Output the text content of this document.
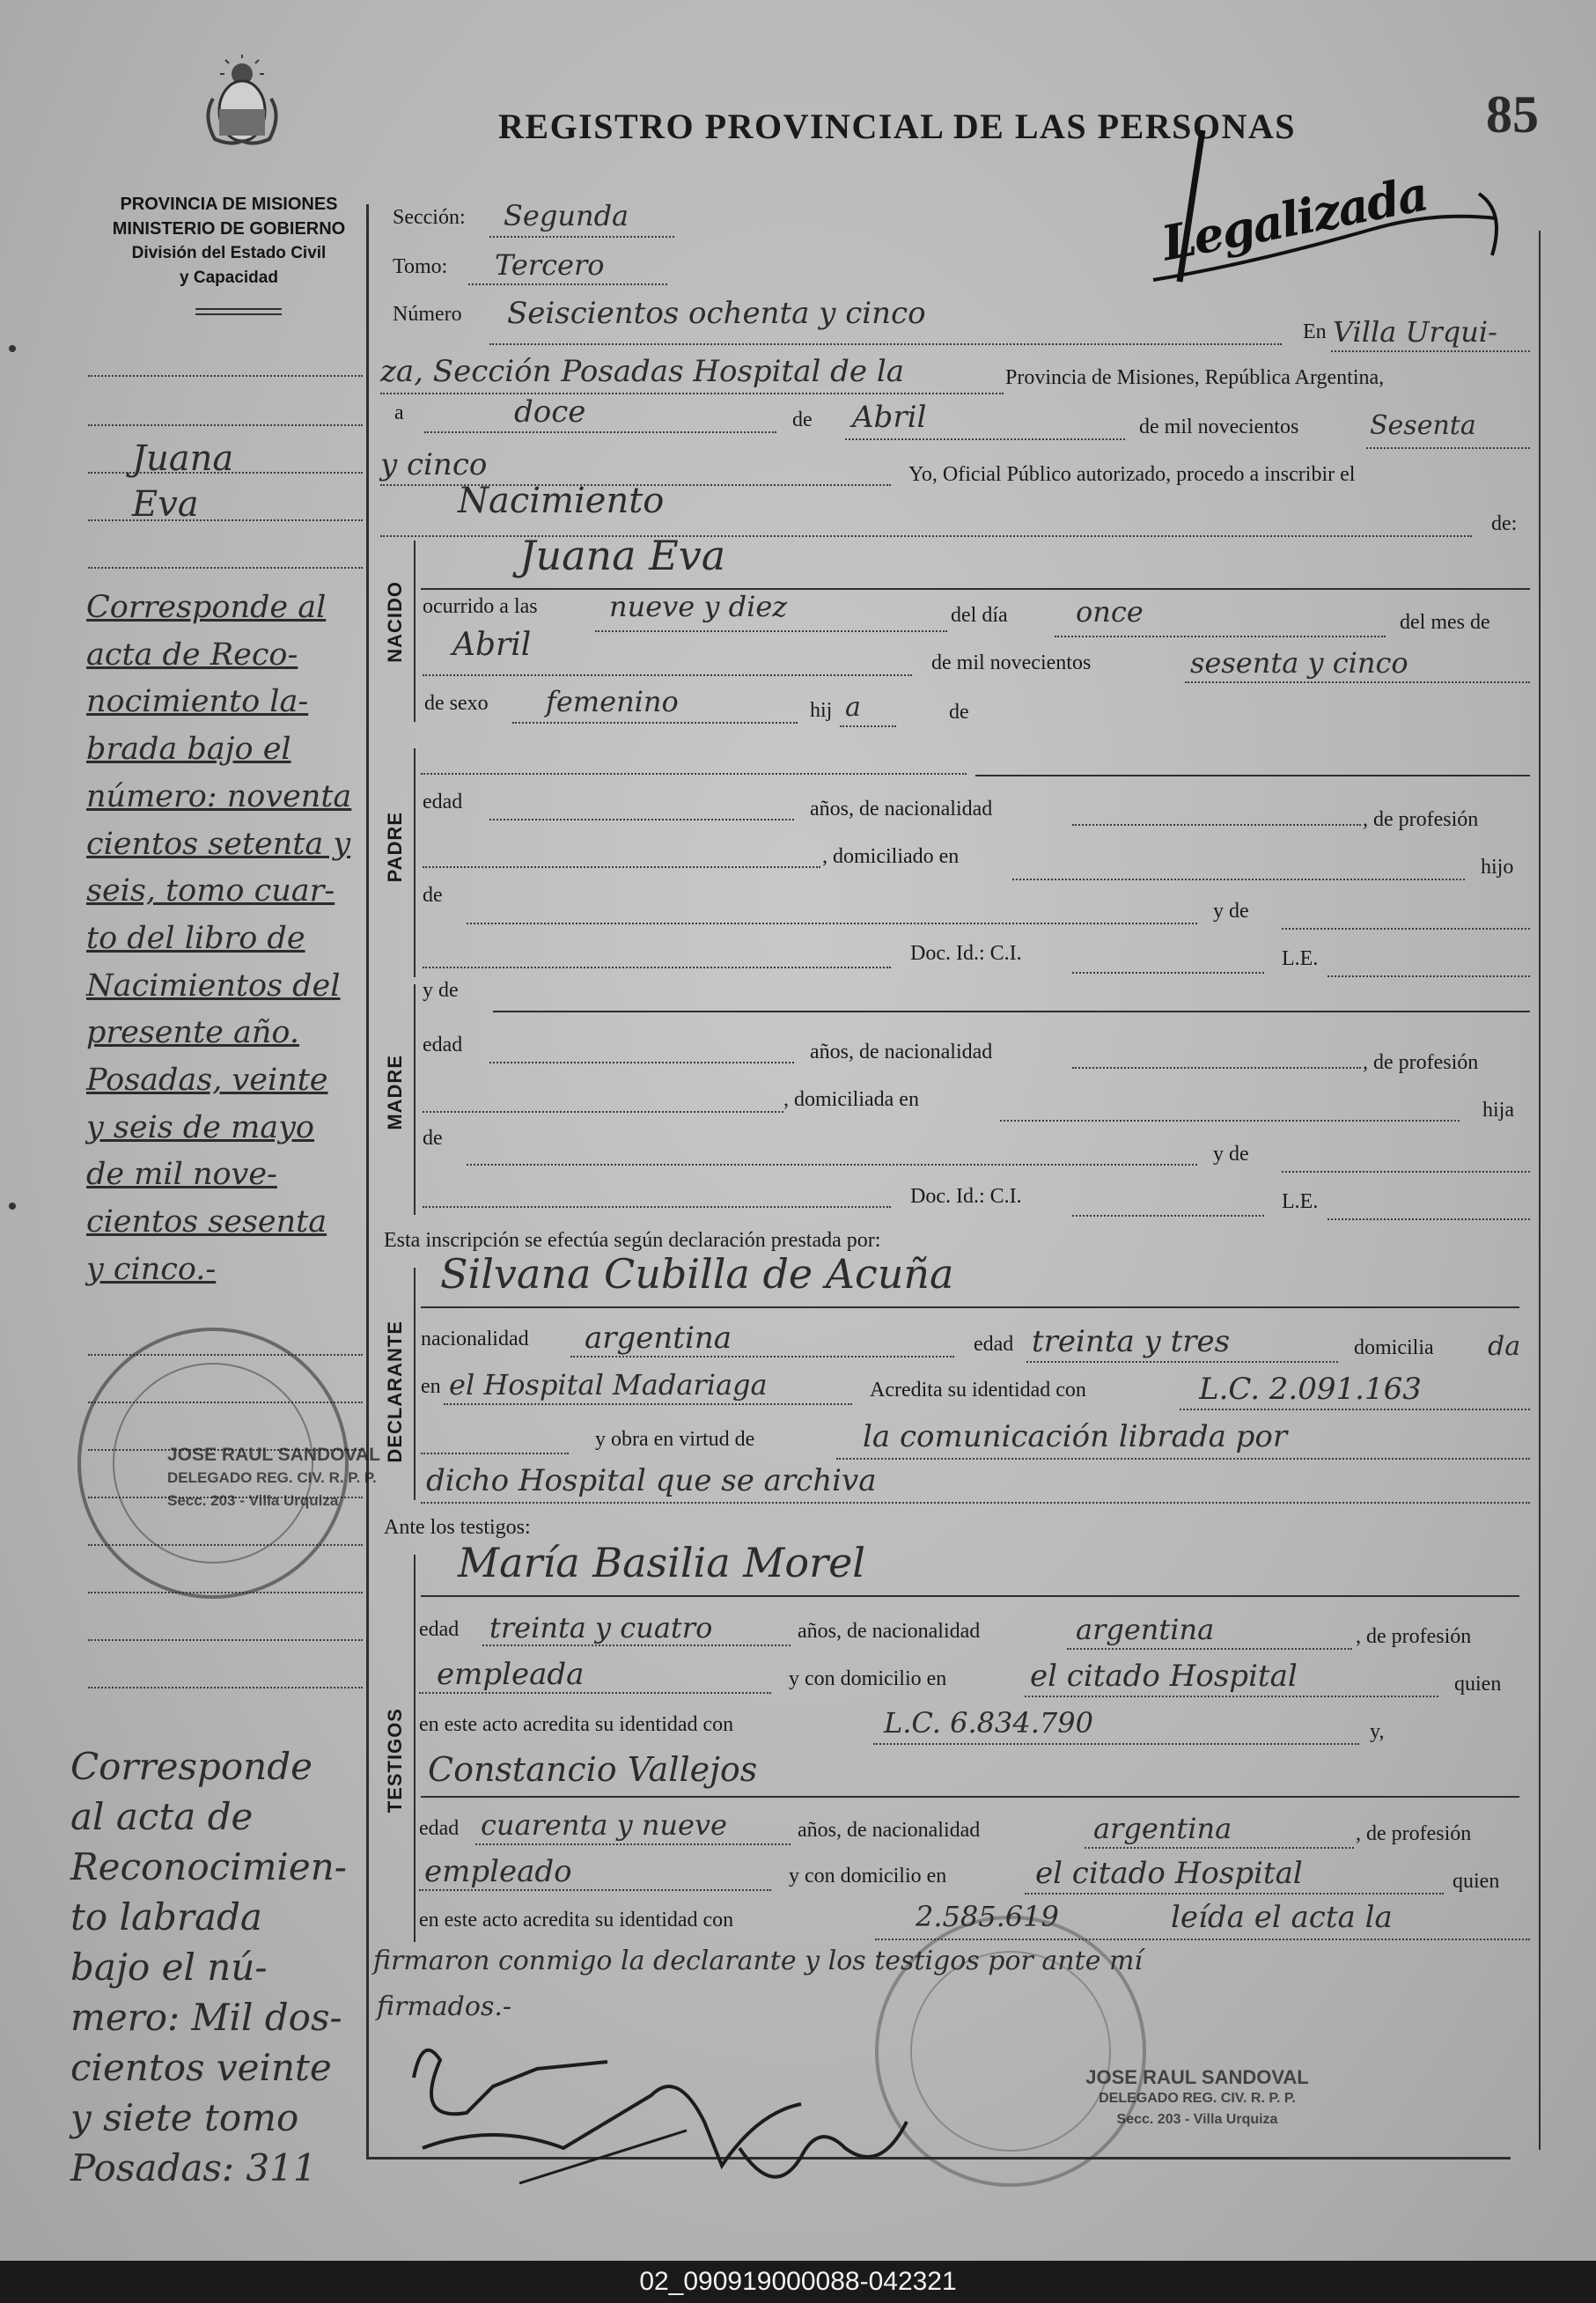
PROVINCIA DE MISIONES
MINISTERIO DE GOBIERNO
División del Estado Civil
y Capacidad
REGISTRO PROVINCIAL DE LAS PERSONAS	85
Legalizada
Juana
Eva
Corresponde al
acta de Reco-
nocimiento la-
brada bajo el
número: noventa
cientos setenta y
seis, tomo cuar-
to del libro de
Nacimientos del
presente año.
Posadas, veinte
y seis de mayo
de mil nove-
cientos sesenta
y cinco.-
Corresponde
al acta de
Reconocimien-
to labrada
bajo el nú-
mero: Mil dos-
cientos veinte
y siete tomo
Posadas: 311
JOSE RAUL SANDOVAL
DELEGADO REG. CIV. R. P. P.
Secc. 203 - Villa Urquiza
Sección: Segunda
Tomo: Tercero
Número Seiscientos ochenta y cinco
En Villa Urqui-
za, Sección Posadas Hospital de la	Provincia de Misiones, República Argentina,
a	doce	de Abril	de mil novecientos	Sesenta
y cinco	Yo, Oficial Público autorizado, procedo a inscribir el
Nacimiento
de:
NACIDO
Juana Eva
ocurrido a las	nueve y diez	del día once	del mes de
Abril	de mil novecientos	sesenta y cinco
de sexo femenino	hij a	de
PADRE
edad	años, de nacionalidad	, de profesión
, domiciliado en	hijo
de
y de
Doc. Id.: C.I.	L.E.
MADRE
y de
edad	años, de nacionalidad	, de profesión
, domiciliada en	hija
de
y de
Doc. Id.: C.I.	L.E.
Esta inscripción se efectúa según declaración prestada por:
DECLARANTE
Silvana Cubilla de Acuña
nacionalidad argentina	edad treinta y tres	domicilia da
en el Hospital Madariaga	Acredita su identidad con	L.C. 2.091.163
y obra en virtud de	la comunicación librada por
dicho Hospital que se archiva
Ante los testigos:
TESTIGOS
María Basilia Morel
edad treinta y cuatro	años, de nacionalidad	argentina	, de profesión
empleada	y con domicilio en	el citado Hospital	quien
en este acto acredita su identidad con	L.C. 6.834.790	y,
Constancio Vallejos
edad cuarenta y nueve	años, de nacionalidad	argentina	, de profesión
empleado	y con domicilio en	el citado Hospital	quien
en este acto acredita su identidad con	2.585.619	leída el acta la
firmaron conmigo la declarante y los testigos por ante mí
firmados.-
JOSE RAUL SANDOVAL
DELEGADO REG. CIV. R. P. P.
Secc. 203 - Villa Urquiza
02_090919000088-042321
